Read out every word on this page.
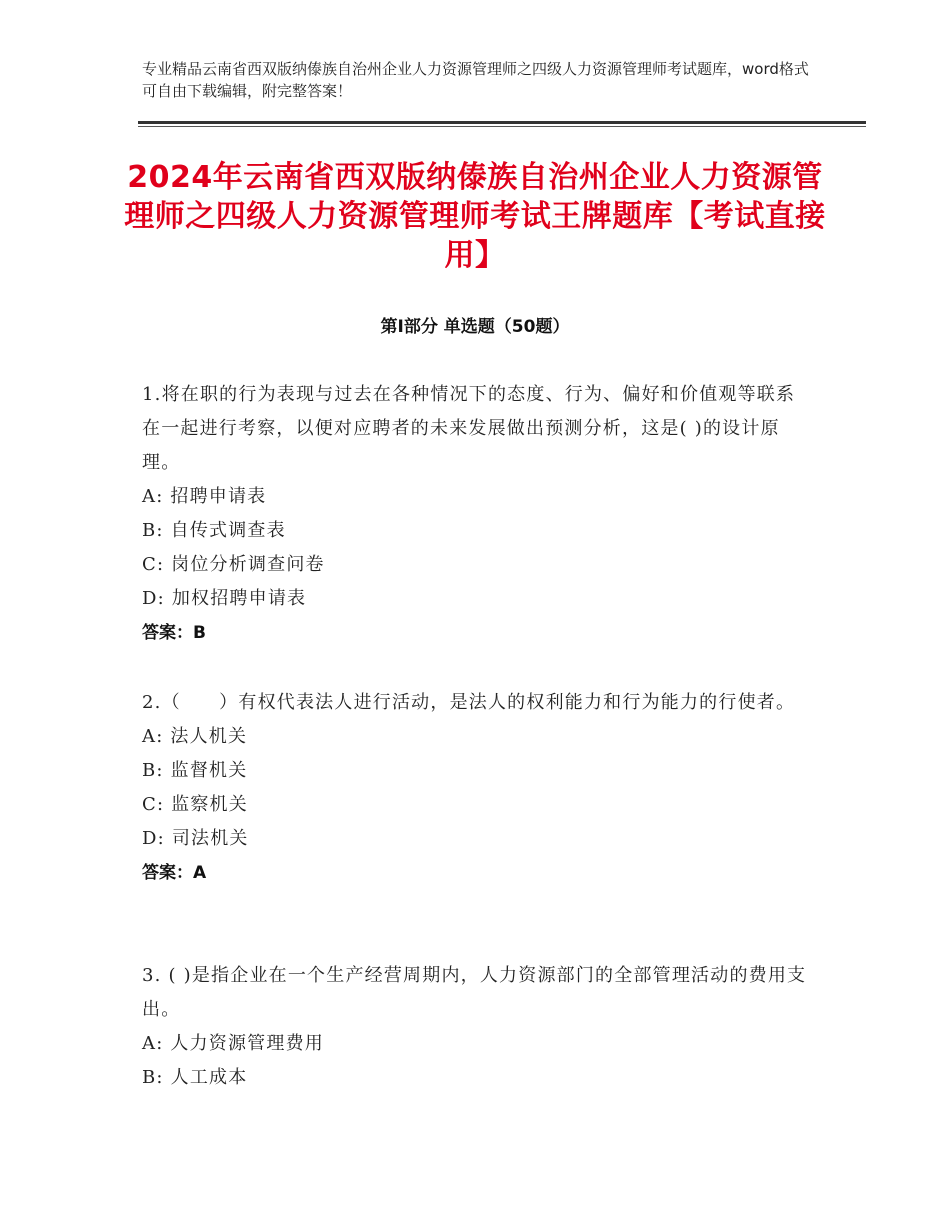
专业精品云南省西双版纳傣族自治州企业人力资源管理师之四级人力资源管理师考试题库，word格式可自由下载编辑，附完整答案！
2024年云南省西双版纳傣族自治州企业人力资源管理师之四级人力资源管理师考试王牌题库【考试直接用】
第Ⅰ部分 单选题（50题）
1.将在职的行为表现与过去在各种情况下的态度、行为、偏好和价值观等联系在一起进行考察，以便对应聘者的未来发展做出预测分析，这是( )的设计原理。
A: 招聘申请表
B: 自传式调查表
C: 岗位分析调查问卷
D: 加权招聘申请表
答案：B
2.（　　）有权代表法人进行活动，是法人的权利能力和行为能力的行使者。
A: 法人机关
B: 监督机关
C: 监察机关
D: 司法机关
答案：A
3. ( )是指企业在一个生产经营周期内，人力资源部门的全部管理活动的费用支出。
A: 人力资源管理费用
B: 人工成本
